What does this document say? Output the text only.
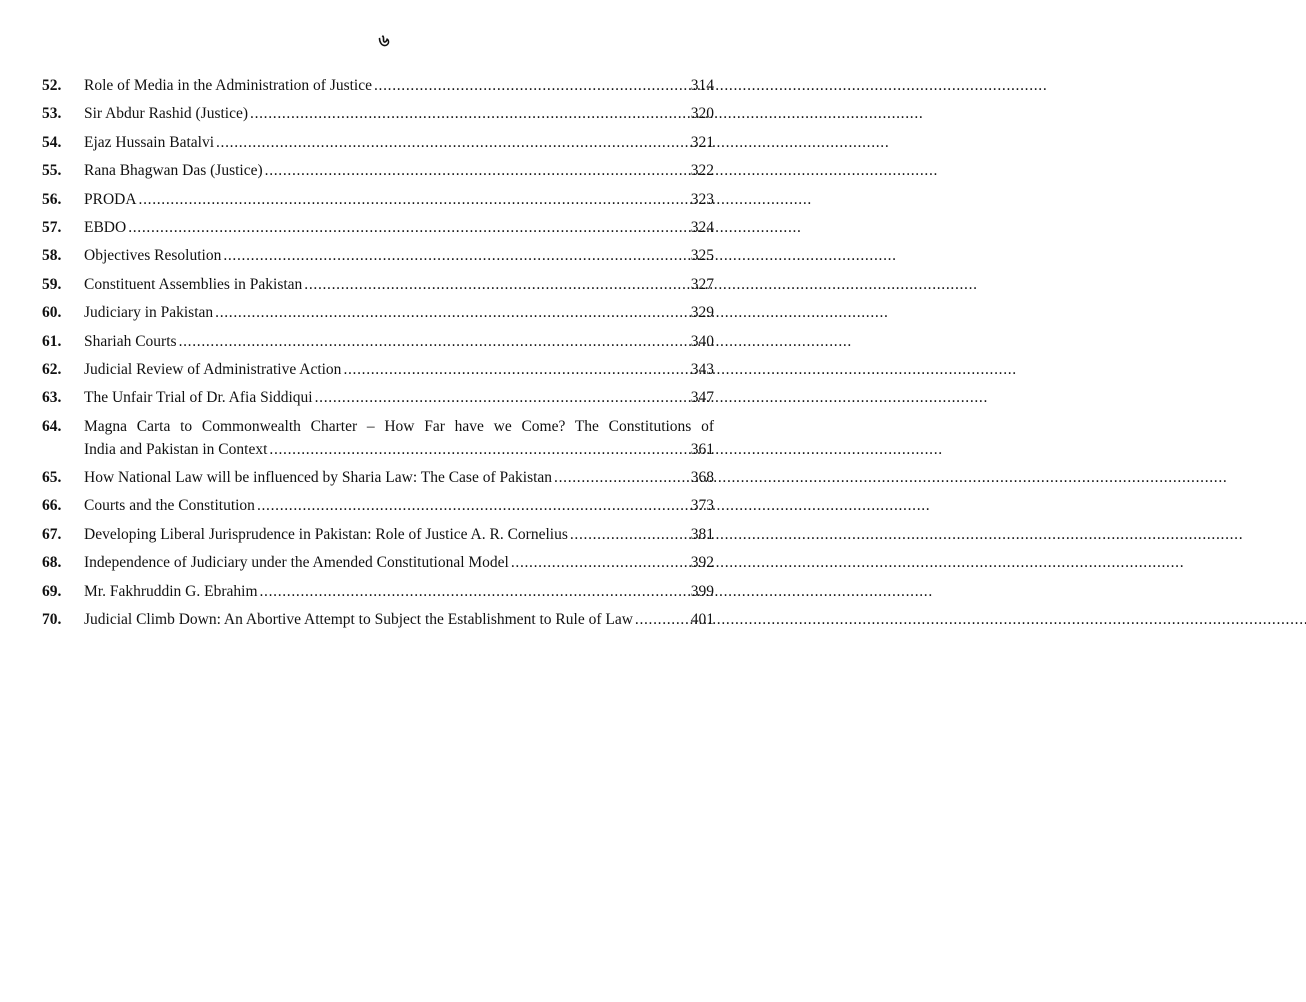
৬
52.	Role of Media in the Administration of Justice . . .	314
53.	Sir Abdur Rashid (Justice) . . .	320
54.	Ejaz Hussain Batalvi . . .	321
55.	Rana Bhagwan Das (Justice) . . .	322
56.	PRODA . . .	323
57.	EBDO . . .	324
58.	Objectives Resolution . . .	325
59.	Constituent Assemblies in Pakistan . . .	327
60.	Judiciary in Pakistan . . .	329
61.	Shariah Courts . . .	340
62.	Judicial Review of Administrative Action . . .	343
63.	The Unfair Trial of Dr. Afia Siddiqui . . .	347
64.	Magna Carta to Commonwealth Charter – How Far have we Come? The Constitutions of
India and Pakistan in Context . . .	361
65.	How National Law will be influenced by Sharia Law: The Case of Pakistan . . .	368
66.	Courts and the Constitution . . .	373
67.	Developing Liberal Jurisprudence in Pakistan: Role of Justice A. R. Cornelius . . .	381
68.	Independence of Judiciary under the Amended Constitutional Model . . .	392
69.	Mr. Fakhruddin G. Ebrahim . . .	399
70.	Judicial Climb Down: An Abortive Attempt to Subject the Establishment to Rule of Law . . .	401
